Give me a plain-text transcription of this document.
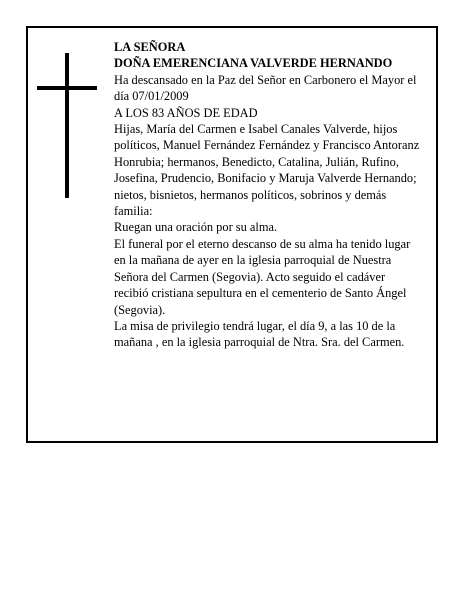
LA SEÑORA

DOÑA EMERENCIANA VALVERDE HERNANDO

Ha descansado en la Paz del Señor en Carbonero el Mayor el día 07/01/2009

A LOS 83 AÑOS DE EDAD

Hijas, María del Carmen e Isabel Canales Valverde, hijos políticos, Manuel Fernández Fernández y Francisco Antoranz Honrubia; hermanos, Benedicto, Catalina, Julián, Rufino, Josefina, Prudencio, Bonifacio y Maruja Valverde Hernando; nietos, bisnietos, hermanos políticos, sobrinos y demás familia:

Ruegan una oración por su alma.

El funeral por el eterno descanso de su alma ha tenido lugar en la mañana de ayer en la iglesia parroquial de Nuestra Señora del Carmen (Segovia). Acto seguido el cadáver recibió cristiana sepultura en el cementerio de Santo Ángel (Segovia).

La misa de privilegio tendrá lugar, el día 9, a las 10 de la mañana , en la iglesia parroquial de Ntra. Sra. del Carmen.
